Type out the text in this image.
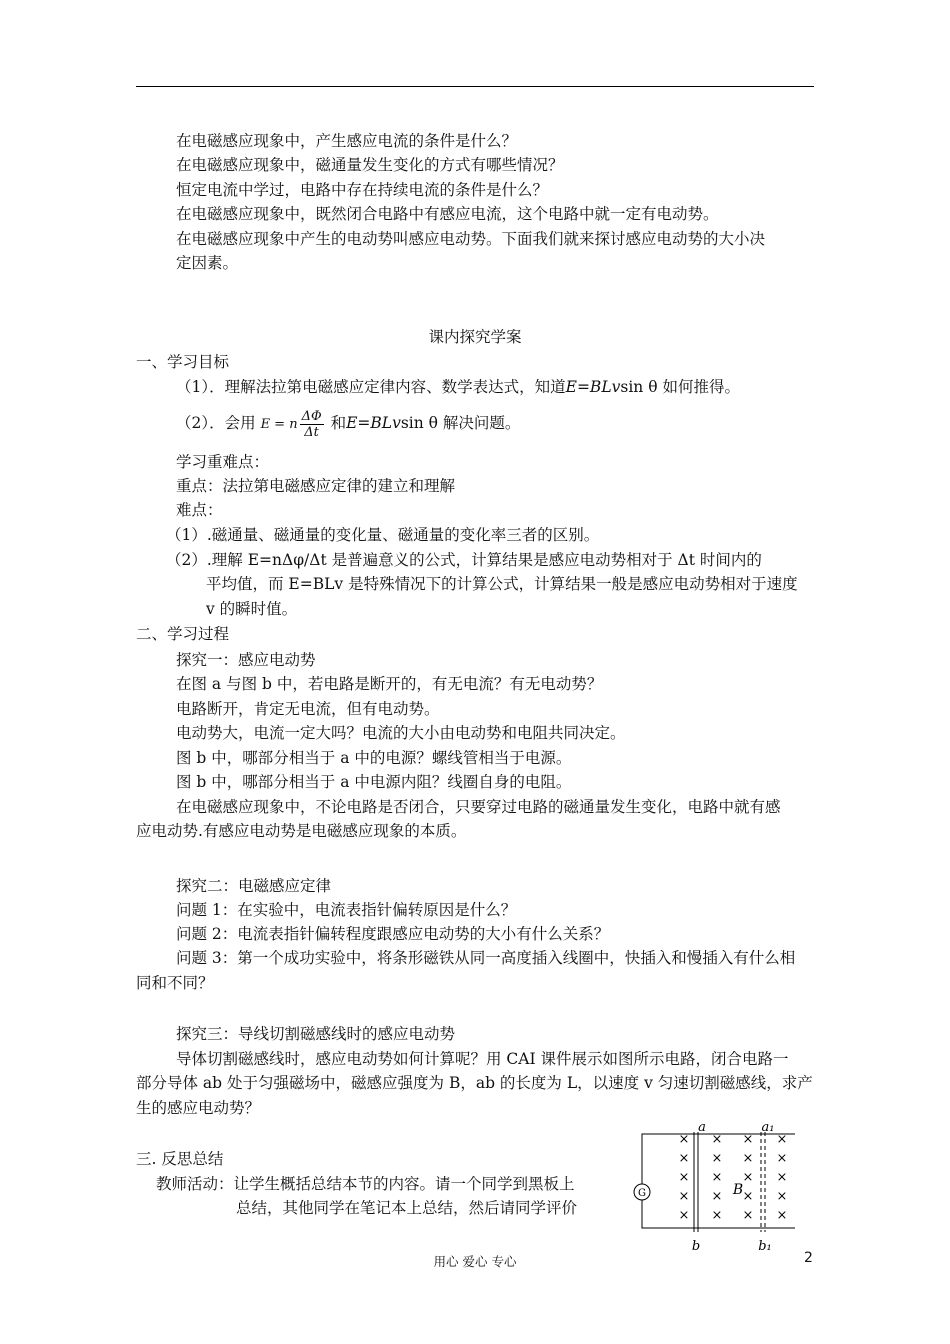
在电磁感应现象中，产生感应电流的条件是什么？
在电磁感应现象中，磁通量发生变化的方式有哪些情况？
恒定电流中学过，电路中存在持续电流的条件是什么？
在电磁感应现象中，既然闭合电路中有感应电流，这个电路中就一定有电动势。
在电磁感应现象中产生的电动势叫感应电动势。下面我们就来探讨感应电动势的大小决
定因素。
课内探究学案
一、学习目标
（1）．理解法拉第电磁感应定律内容、数学表达式，知道E=BLvsin θ 如何推得。
（2）．会用 E = n $\frac{\Delta\Phi}{\Delta t}$ 和E=BLvsin θ 解决问题。
学习重难点：
重点：法拉第电磁感应定律的建立和理解
难点：
（1）.磁通量、磁通量的变化量、磁通量的变化率三者的区别。
（2）.理解 E=nΔφ/Δt 是普遍意义的公式，计算结果是感应电动势相对于 Δt 时间内的
平均值，而 E=BLv 是特殊情况下的计算公式，计算结果一般是感应电动势相对于速度
v 的瞬时值。
二、学习过程
探究一：感应电动势
在图 a 与图 b 中，若电路是断开的，有无电流？有无电动势？
电路断开，肯定无电流，但有电动势。
电动势大，电流一定大吗？电流的大小由电动势和电阻共同决定。
图 b 中，哪部分相当于 a 中的电源？螺线管相当于电源。
图 b 中，哪部分相当于 a 中电源内阻？线圈自身的电阻。
在电磁感应现象中，不论电路是否闭合，只要穿过电路的磁通量发生变化，电路中就有感
应电动势.有感应电动势是电磁感应现象的本质。
探究二：电磁感应定律
问题 1：在实验中，电流表指针偏转原因是什么？
问题 2：电流表指针偏转程度跟感应电动势的大小有什么关系？
问题 3：第一个成功实验中，将条形磁铁从同一高度插入线圈中，快插入和慢插入有什么相
同和不同？
探究三：导线切割磁感线时的感应电动势
导体切割磁感线时，感应电动势如何计算呢？用 CAI 课件展示如图所示电路，闭合电路一
部分导体 ab 处于匀强磁场中，磁感应强度为 B，ab 的长度为 L，以速度 v 匀速切割磁感线，求产
生的感应电动势？
三. 反思总结
教师活动：让学生概括总结本节的内容。请一个同学到黑板上
总结，其他同学在笔记本上总结，然后请同学评价
G
×
×
×
×
×
×
×
×
×
×
×
×
×
×
×
×
×
×
×
×
B
a	a₁
b	b₁
用心 爱心 专心	2
